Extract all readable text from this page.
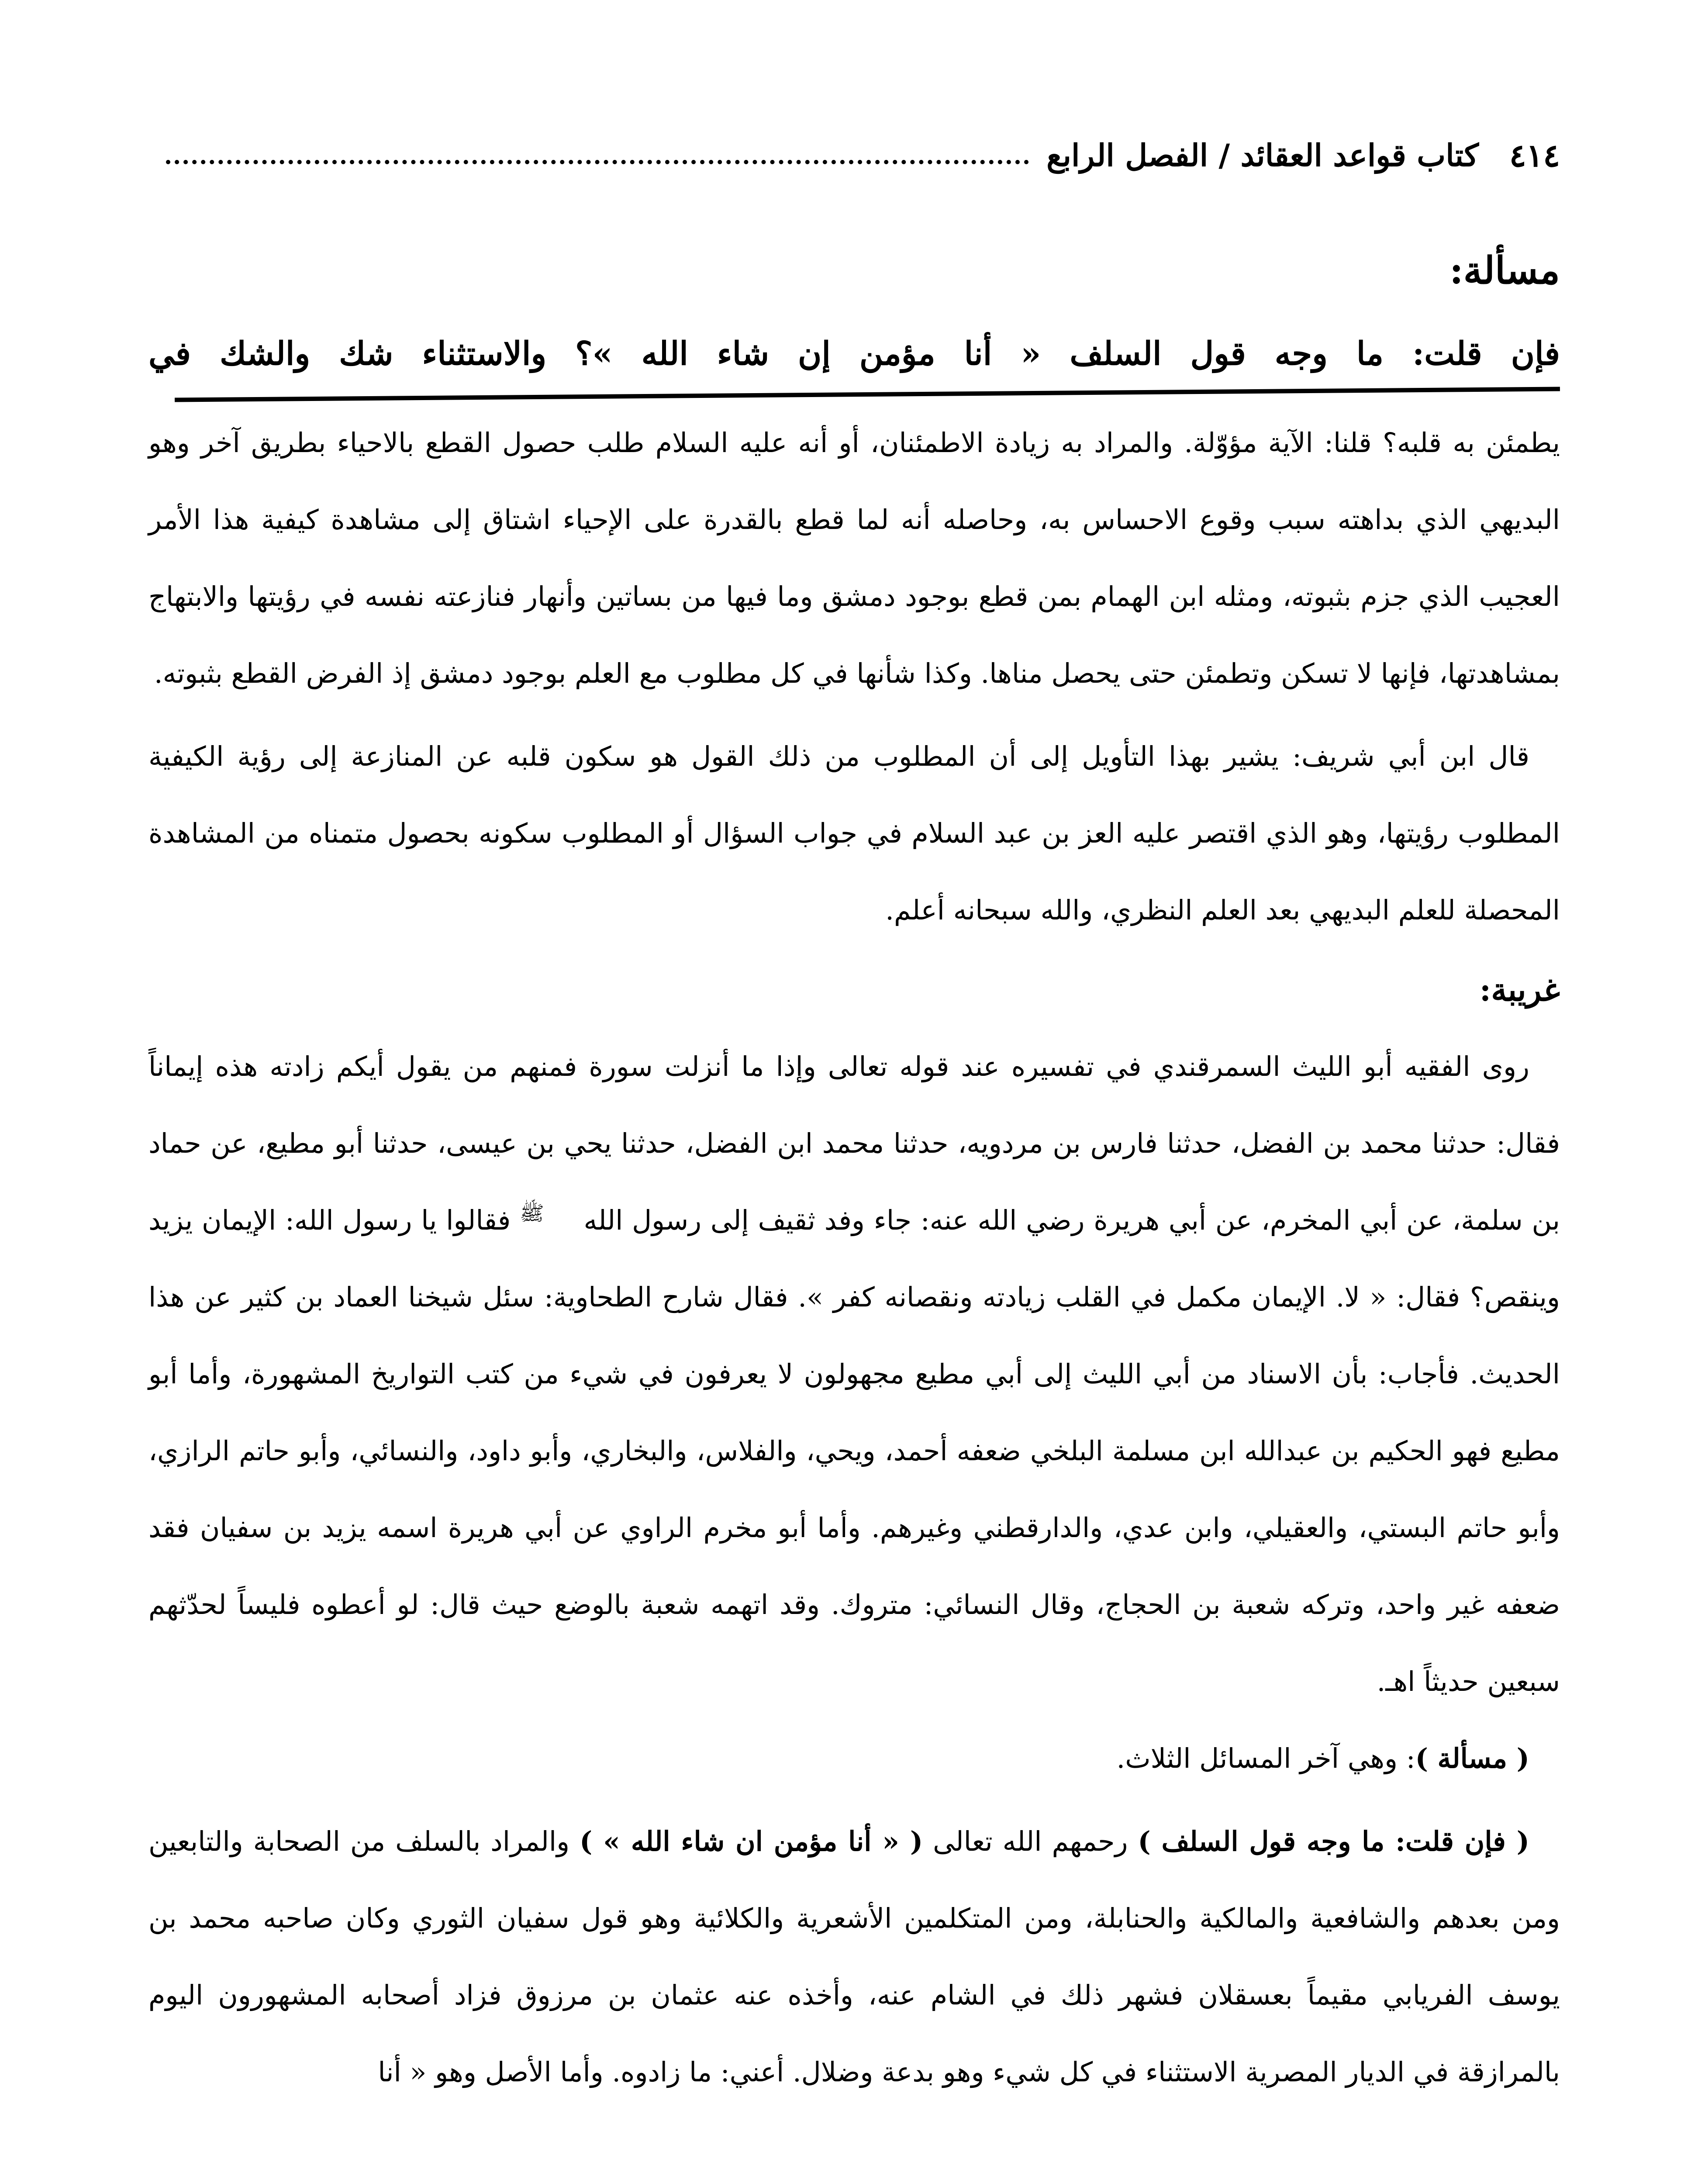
٤١٤
كتاب قواعد العقائد / الفصل الرابع
مسألة:
فإن قلت: ما وجه قول السلف « أنا مؤمن إن شاء الله »؟ والاستثناء شك والشك في

يطمئن به قلبه؟ قلنا: الآية مؤوّلة. والمراد به زيادة الاطمئنان، أو أنه عليه السلام طلب حصول القطع بالاحياء بطريق آخر وهو البديهي الذي بداهته سبب وقوع الاحساس به، وحاصله أنه لما قطع بالقدرة على الإحياء اشتاق إلى مشاهدة كيفية هذا الأمر العجيب الذي جزم بثبوته، ومثله ابن الهمام بمن قطع بوجود دمشق وما فيها من بساتين وأنهار فنازعته نفسه في رؤيتها والابتهاج بمشاهدتها، فإنها لا تسكن وتطمئن حتى يحصل مناها. وكذا شأنها في كل مطلوب مع العلم بوجود دمشق إذ الفرض القطع بثبوته.

قال ابن أبي شريف: يشير بهذا التأويل إلى أن المطلوب من ذلك القول هو سكون قلبه عن المنازعة إلى رؤية الكيفية المطلوب رؤيتها، وهو الذي اقتصر عليه العز بن عبد السلام في جواب السؤال أو المطلوب سكونه بحصول متمناه من المشاهدة المحصلة للعلم البديهي بعد العلم النظري، والله سبحانه أعلم.

غريبة:

روى الفقيه أبو الليث السمرقندي في تفسيره عند قوله تعالى وإذا ما أنزلت سورة فمنهم من يقول أيكم زادته هذه إيماناً فقال: حدثنا محمد بن الفضل، حدثنا فارس بن مردويه، حدثنا محمد ابن الفضل، حدثنا يحي بن عيسى، حدثنا أبو مطيع، عن حماد بن سلمة، عن أبي المخرم، عن أبي هريرة رضي الله عنه: جاء وفد ثقيف إلى رسول الله ﷺ فقالوا يا رسول الله: الإيمان يزيد وينقص؟ فقال: « لا. الإيمان مكمل في القلب زيادته ونقصانه كفر ». فقال شارح الطحاوية: سئل شيخنا العماد بن كثير عن هذا الحديث. فأجاب: بأن الاسناد من أبي الليث إلى أبي مطيع مجهولون لا يعرفون في شيء من كتب التواريخ المشهورة، وأما أبو مطيع فهو الحكيم بن عبدالله ابن مسلمة البلخي ضعفه أحمد، ويحي، والفلاس، والبخاري، وأبو داود، والنسائي، وأبو حاتم الرازي، وأبو حاتم البستي، والعقيلي، وابن عدي، والدارقطني وغيرهم. وأما أبو مخرم الراوي عن أبي هريرة اسمه يزيد بن سفيان فقد ضعفه غير واحد، وتركه شعبة بن الحجاج، وقال النسائي: متروك. وقد اتهمه شعبة بالوضع حيث قال: لو أعطوه فليساً لحدّثهم سبعين حديثاً اهـ.

( مسألة ): وهي آخر المسائل الثلاث.

( فإن قلت: ما وجه قول السلف ) رحمهم الله تعالى ( « أنا مؤمن ان شاء الله » ) والمراد بالسلف من الصحابة والتابعين ومن بعدهم والشافعية والمالكية والحنابلة، ومن المتكلمين الأشعرية والكلائية وهو قول سفيان الثوري وكان صاحبه محمد بن يوسف الفريابي مقيماً بعسقلان فشهر ذلك في الشام عنه، وأخذه عنه عثمان بن مرزوق فزاد أصحابه المشهورون اليوم بالمرازقة في الديار المصرية الاستثناء في كل شيء وهو بدعة وضلال. أعني: ما زادوه. وأما الأصل وهو « أنا
